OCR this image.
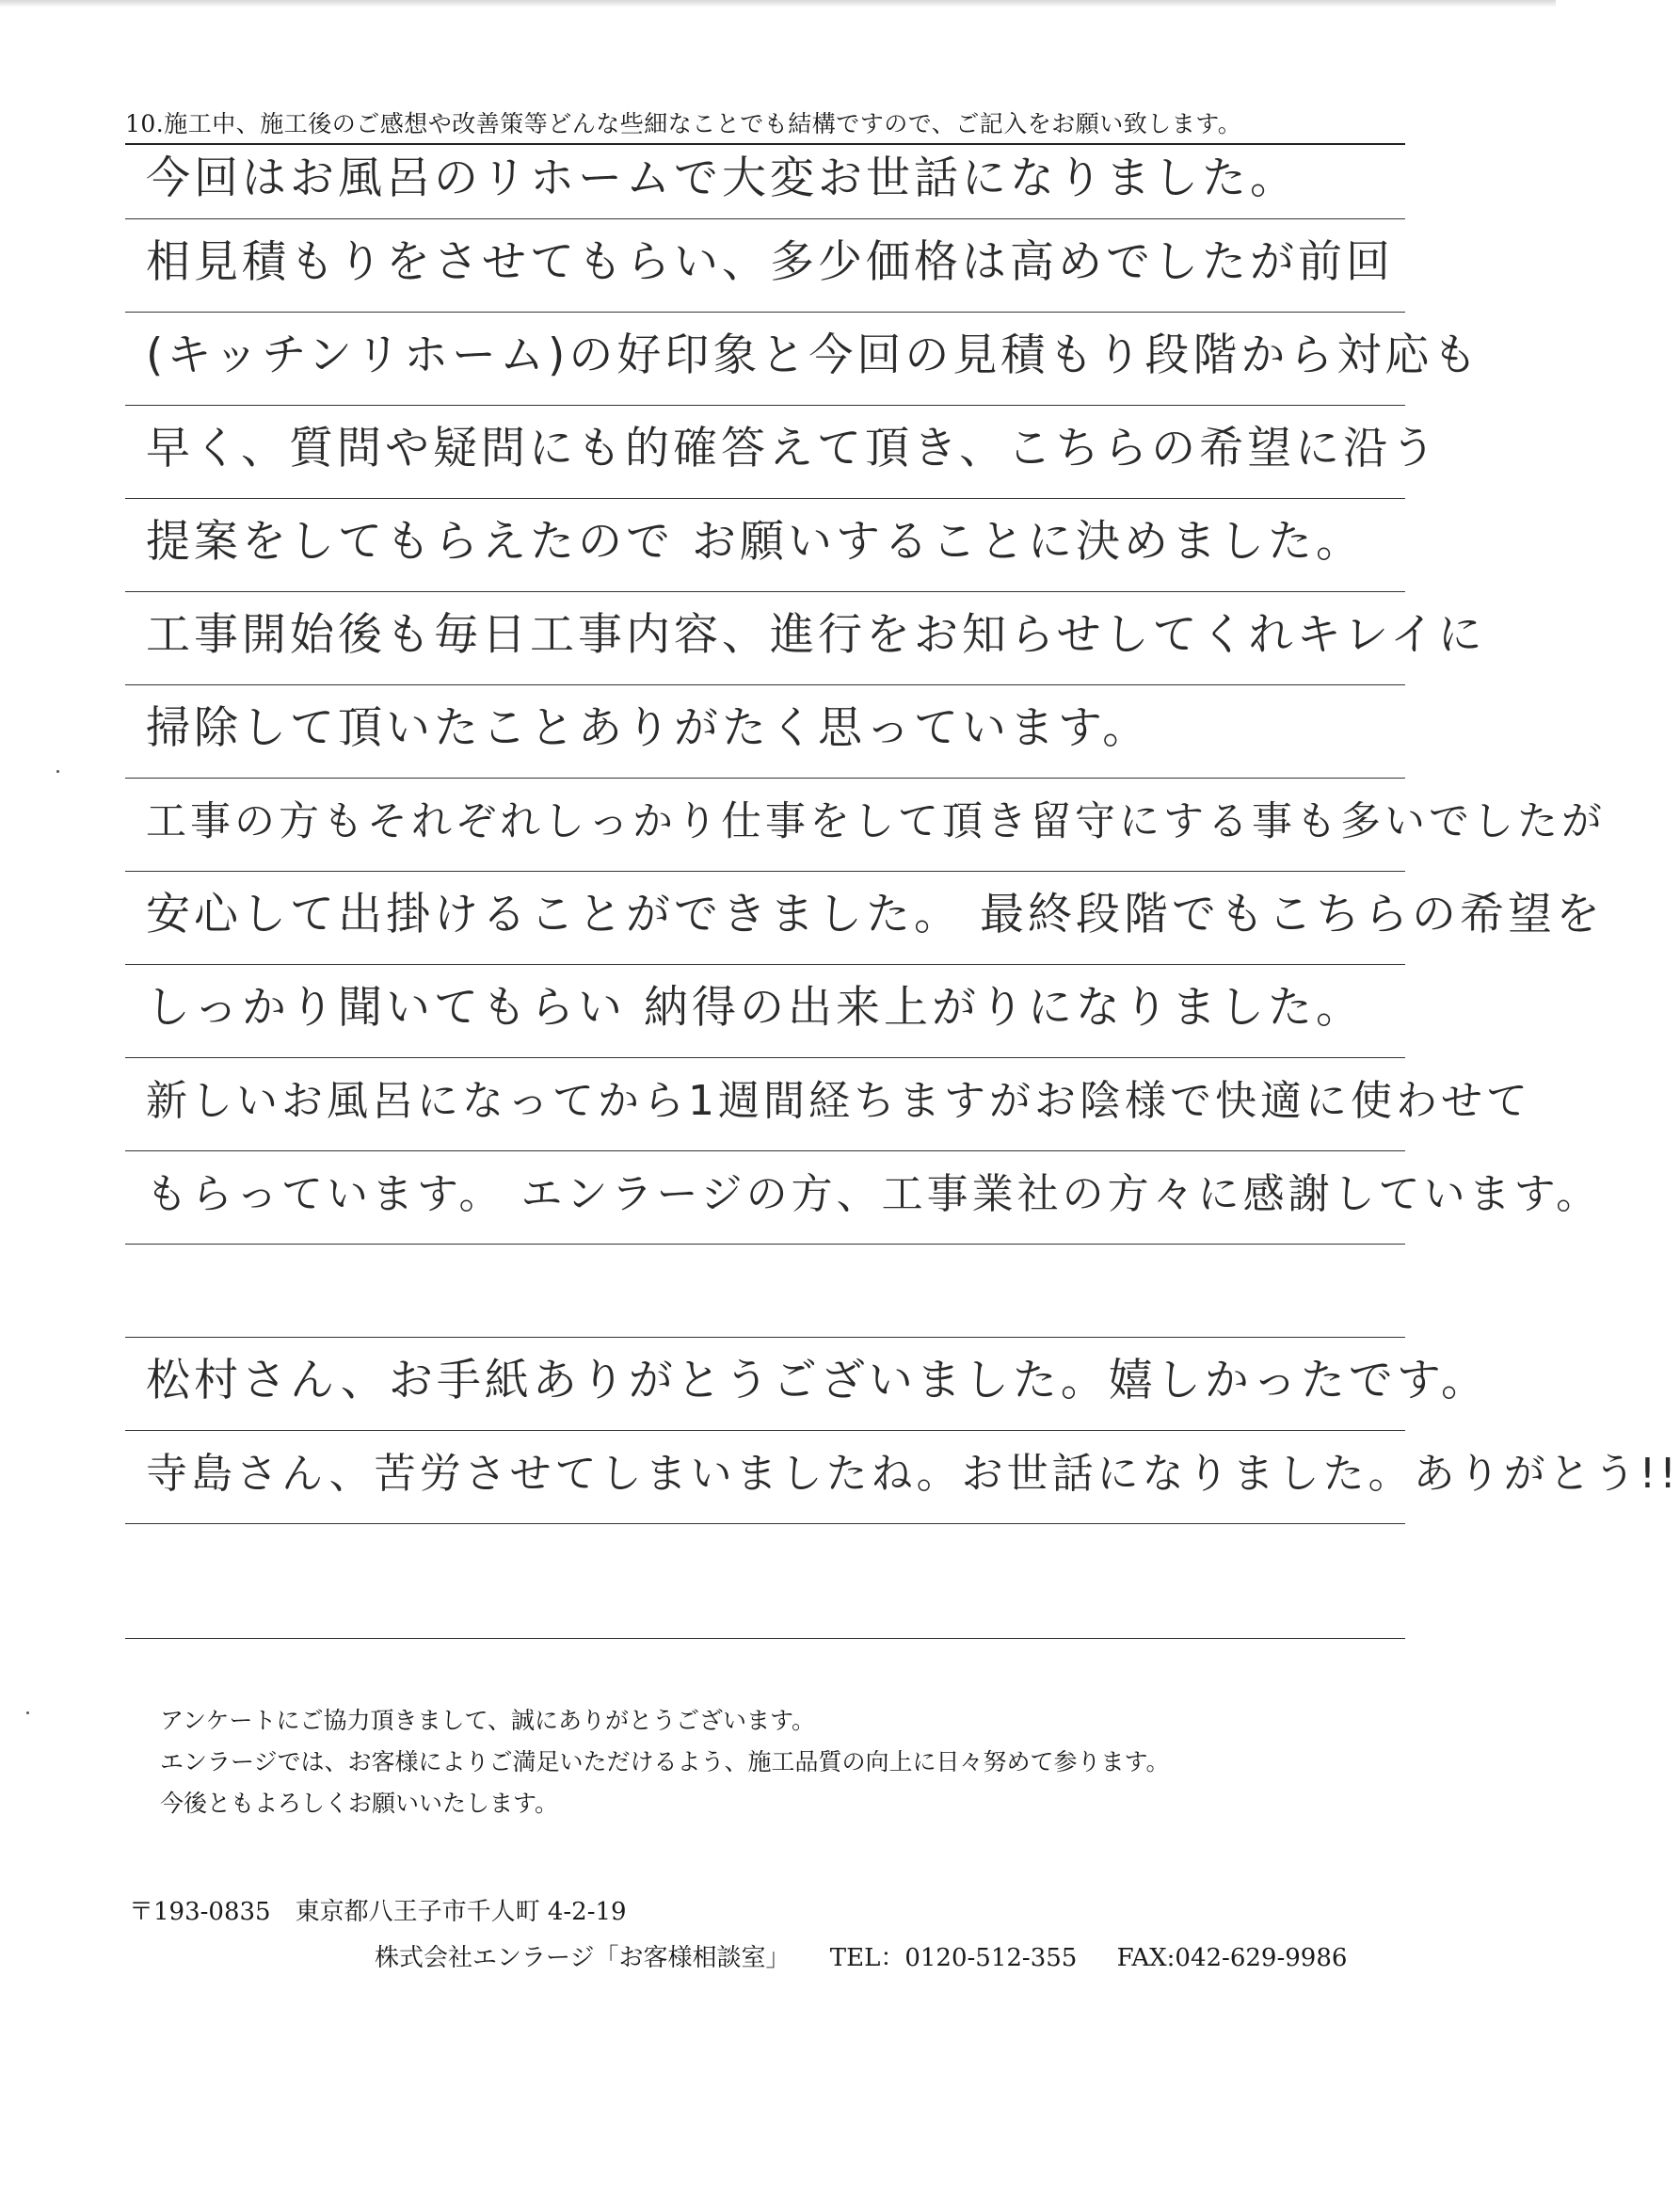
10.施工中、施工後のご感想や改善策等どんな些細なことでも結構ですので、ご記入をお願い致します。
今回はお風呂のリホームで大変お世話になりました。
相見積もりをさせてもらい、多少価格は高めでしたが前回
(キッチンリホーム)の好印象と今回の見積もり段階から対応も
早く、質問や疑問にも的確答えて頂き、こちらの希望に沿う
提案をしてもらえたので お願いすることに決めました。
工事開始後も毎日工事内容、進行をお知らせしてくれキレイに
掃除して頂いたことありがたく思っています。
工事の方もそれぞれしっかり仕事をして頂き留守にする事も多いでしたが
安心して出掛けることができました。 最終段階でもこちらの希望を
しっかり聞いてもらい 納得の出来上がりになりました。
新しいお風呂になってから1週間経ちますがお陰様で快適に使わせて
もらっています。 エンラージの方、工事業社の方々に感謝しています。
松村さん、お手紙ありがとうございました。嬉しかったです。
寺島さん、苦労させてしまいましたね。お世話になりました。ありがとう!!
アンケートにご協力頂きまして、誠にありがとうございます。
エンラージでは、お客様によりご満足いただけるよう、施工品質の向上に日々努めて参ります。
今後ともよろしくお願いいたします。
〒193-0835　東京都八王子市千人町 4-2-19
株式会社エンラージ「お客様相談室」 TEL：0120-512-355 FAX:042-629-9986
